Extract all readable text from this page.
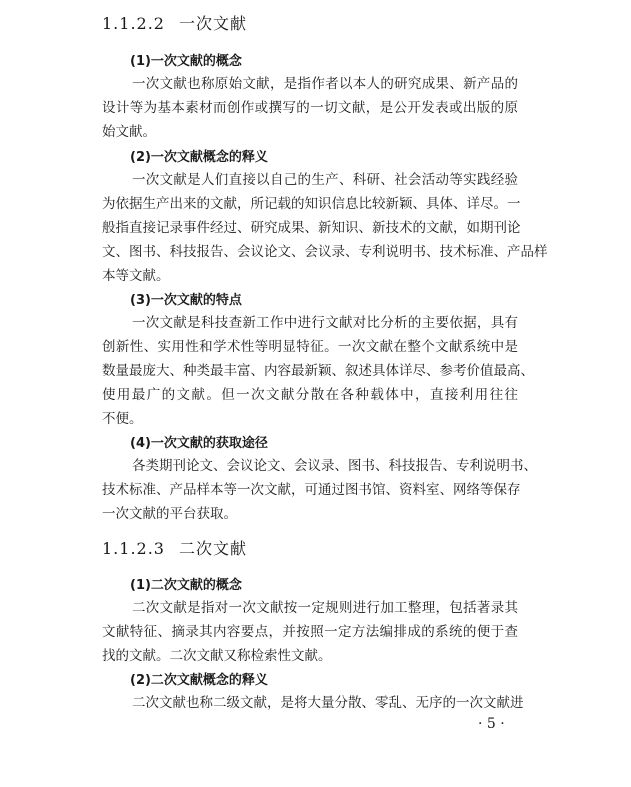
1.1.2.2 一次文献
(1)一次文献的概念
一次文献也称原始文献，是指作者以本人的研究成果、新产品的
设计等为基本素材而创作或撰写的一切文献，是公开发表或出版的原
始文献。
(2)一次文献概念的释义
一次文献是人们直接以自己的生产、科研、社会活动等实践经验
为依据生产出来的文献，所记载的知识信息比较新颖、具体、详尽。一
般指直接记录事件经过、研究成果、新知识、新技术的文献，如期刊论
文、图书、科技报告、会议论文、会议录、专利说明书、技术标准、产品样
本等文献。
(3)一次文献的特点
一次文献是科技查新工作中进行文献对比分析的主要依据，具有
创新性、实用性和学术性等明显特征。一次文献在整个文献系统中是
数量最庞大、种类最丰富、内容最新颖、叙述具体详尽、参考价值最高、
使用最广的文献。但一次文献分散在各种载体中，直接利用往往
不便。
(4)一次文献的获取途径
各类期刊论文、会议论文、会议录、图书、科技报告、专利说明书、
技术标准、产品样本等一次文献，可通过图书馆、资料室、网络等保存
一次文献的平台获取。
1.1.2.3 二次文献
(1)二次文献的概念
二次文献是指对一次文献按一定规则进行加工整理，包括著录其
文献特征、摘录其内容要点，并按照一定方法编排成的系统的便于查
找的文献。二次文献又称检索性文献。
(2)二次文献概念的释义
二次文献也称二级文献，是将大量分散、零乱、无序的一次文献进
· 5 ·
